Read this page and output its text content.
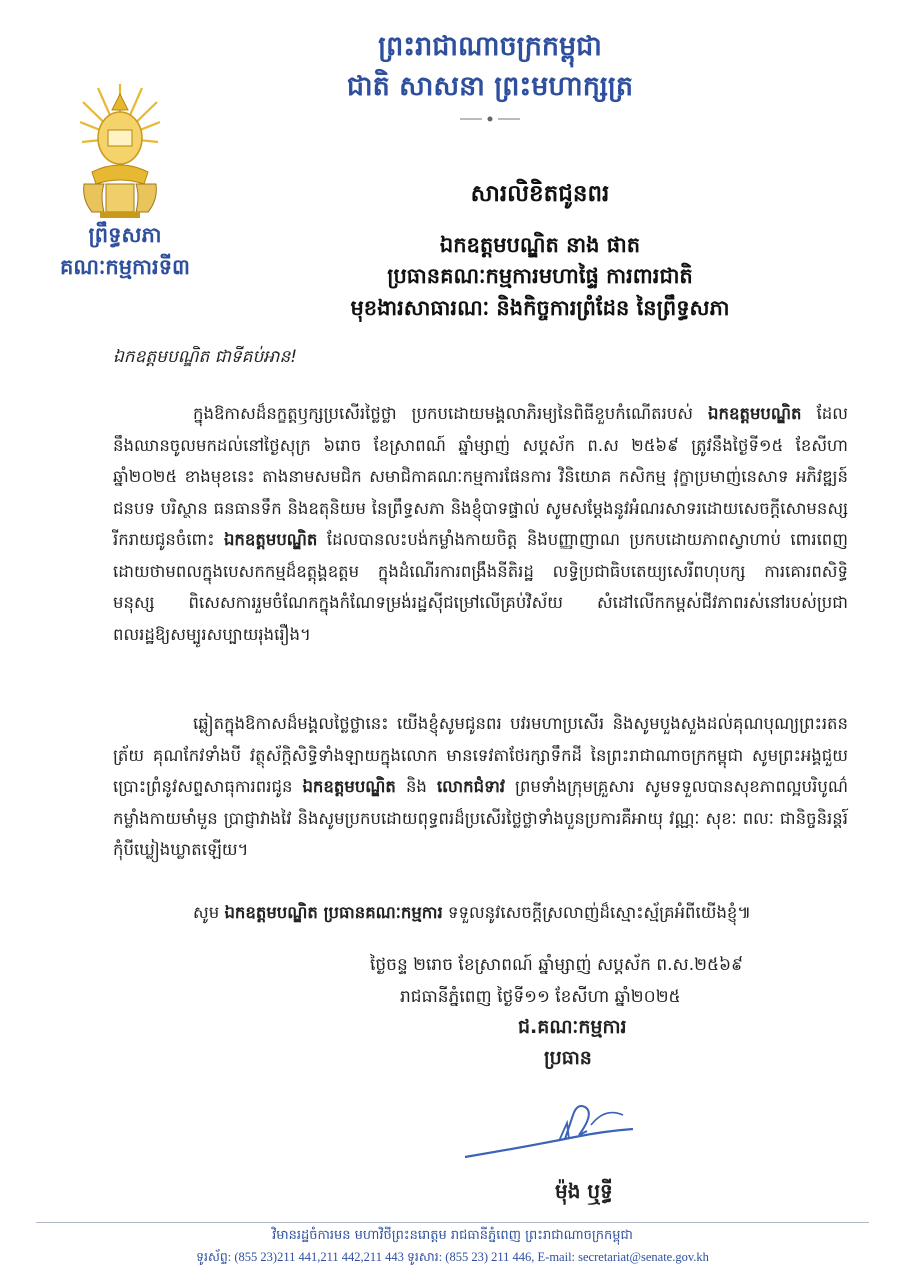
ព្រះរាជាណាចក្រកម្ពុជា
ជាតិ សាសនា ព្រះមហាក្សត្រ
ព្រឹទ្ធសភា
គណៈកម្មការទី៣
សារលិខិតជូនពរ
ឯកឧត្តមបណ្ឌិត នាង ផាត
ប្រធានគណៈកម្មការមហាផ្ទៃ ការពារជាតិ
មុខងារសាធារណៈ និងកិច្ចការព្រំដែន នៃព្រឹទ្ធសភា
ឯកឧត្តមបណ្ឌិត ជាទីគប់អាន!
ក្នុងឱកាសដ៏នក្ខត្តឫក្សប្រសើរថ្លៃថ្លា ប្រកបដោយមង្គលាភិរម្យនៃពិធីខួបកំណើតរបស់ ឯកឧត្តមបណ្ឌិត ដែលនឹងឈានចូលមកដល់នៅថ្ងៃសុក្រ ៦រោច ខែស្រាពណ៍ ឆ្នាំម្សាញ់ សប្តស័ក ព.ស ២៥៦៩ ត្រូវនឹងថ្ងៃទី១៥ ខែសីហា ឆ្នាំ២០២៥ ខាងមុខនេះ តាងនាមសមជិក សមាជិកាគណៈកម្មការផែនការ វិនិយោគ កសិកម្ម វុក្ខាប្រមាញ់នេសាទ អភិវឌ្ឍន៍ជនបទ បរិស្ថាន ធនធានទឹក និងឧតុនិយម នៃព្រឹទ្ធសភា និងខ្ញុំបាទផ្ទាល់ សូមសម្តែងនូវអំណរសាទរដោយសេចក្តីសោមនស្សរីករាយជូនចំពោះ ឯកឧត្តមបណ្ឌិត ដែលបានលះបង់កម្លាំងកាយចិត្ត និងបញ្ញាញាណ ប្រកបដោយភាពស្វាហាប់ ពោរពេញដោយថាមពលក្នុងបេសកកម្មដ៏ឧត្តុង្គឧត្តម ក្នុងដំណើរការពង្រឹងនីតិរដ្ឋ លទ្ធិប្រជាធិបតេយ្យសេរីពហុបក្ស ការគោរពសិទ្ធិមនុស្ស ពិសេសការរួមចំណែកក្នុងកំណែទម្រង់រដ្ឋស៊ីជម្រៅលើគ្រប់វិស័យ សំដៅលើកកម្ពស់ជីវភាពរស់នៅរបស់ប្រជាពលរដ្ឋឱ្យសម្បូរសប្បាយរុងរឿង។
ឆ្លៀតក្នុងឱកាសដ៏មង្គលថ្លៃថ្លានេះ យើងខ្ញុំសូមជូនពរ បវរមហាប្រសើរ និងសូមបួងសួងដល់គុណបុណ្យព្រះរតនត្រ័យ គុណកែវទាំងបី វត្ថុស័ក្តិសិទ្ធិទាំងឡាយក្នុងលោក មានទេវតាថែរក្សាទឹកដី នៃព្រះរាជាណាចក្រកម្ពុជា សូមព្រះអង្គជួយប្រោះព្រំនូវសព្ទសាធុការពរជូន ឯកឧត្តមបណ្ឌិត និង លោកជំទាវ ព្រមទាំងក្រុមគ្រួសារ សូមទទួលបានសុខភាពល្អបរិបូណ៌ កម្លាំងកាយមាំមួន ប្រាជ្ញាវាងវៃ និងសូមប្រកបដោយពុទ្ធពរដ៏ប្រសើរថ្លៃថ្លាទាំងបួនប្រការគឺអាយុ វណ្ណៈ សុខៈ ពលៈ ជានិច្ចនិរន្តរ៍កុំបីឃ្លៀងឃ្លាតឡើយ។
សូម ឯកឧត្តមបណ្ឌិត ប្រធានគណៈកម្មការ ទទួលនូវសេចក្តីស្រលាញ់ដ៏ស្មោះស្ម័គ្រអំពីយើងខ្ញុំ៕
ថ្ងៃចន្ទ ២រោច ខែស្រាពណ៍ ឆ្នាំម្សាញ់ សប្តស័ក ព.ស.២៥៦៩
រាជធានីភ្នំពេញ ថ្ងៃទី១១ ខែសីហា ឆ្នាំ២០២៥
ជ.គណៈកម្មការ
ប្រធាន
ម៉ុង ឬទ្ធី
វិមានរដ្ឋចំការមន មហាវិថីព្រះនរោត្តម រាជធានីភ្នំពេញ ព្រះរាជាណាចក្រកម្ពុជា
ទូរស័ព្ទ: (855 23)211 441,211 442,211 443 ទូរសារ: (855 23) 211 446, E-mail: secretariat@senate.gov.kh
